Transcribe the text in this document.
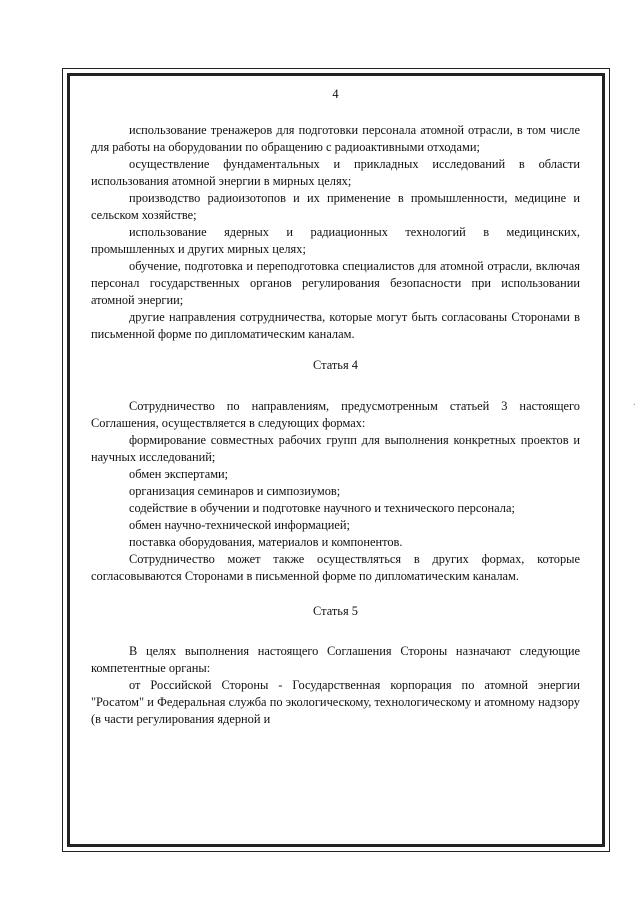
4

использование тренажеров для подготовки персонала атомной отрасли, в том числе для работы на оборудовании по обращению с радиоактивными отходами;

осуществление фундаментальных и прикладных исследований в области использования атомной энергии в мирных целях;

производство радиоизотопов и их применение в промышленности, медицине и сельском хозяйстве;

использование ядерных и радиационных технологий в медицинских, промышленных и других мирных целях;

обучение, подготовка и переподготовка специалистов для атомной отрасли, включая персонал государственных органов регулирования безопасности при использовании атомной энергии;

другие направления сотрудничества, которые могут быть согласованы Сторонами в письменной форме по дипломатическим каналам.

Статья 4

Сотрудничество по направлениям, предусмотренным статьей 3 настоящего Соглашения, осуществляется в следующих формах:

формирование совместных рабочих групп для выполнения конкретных проектов и научных исследований;

обмен экспертами;

организация семинаров и симпозиумов;

содействие в обучении и подготовке научного и технического персонала;

обмен научно-технической информацией;

поставка оборудования, материалов и компонентов.

Сотрудничество может также осуществляться в других формах, которые согласовываются Сторонами в письменной форме по дипломатическим каналам.

Статья 5

В целях выполнения настоящего Соглашения Стороны назначают следующие компетентные органы:

от Российской Стороны - Государственная корпорация по атомной энергии "Росатом" и Федеральная служба по экологическому, технологическому и атомному надзору (в части регулирования ядерной и

·
